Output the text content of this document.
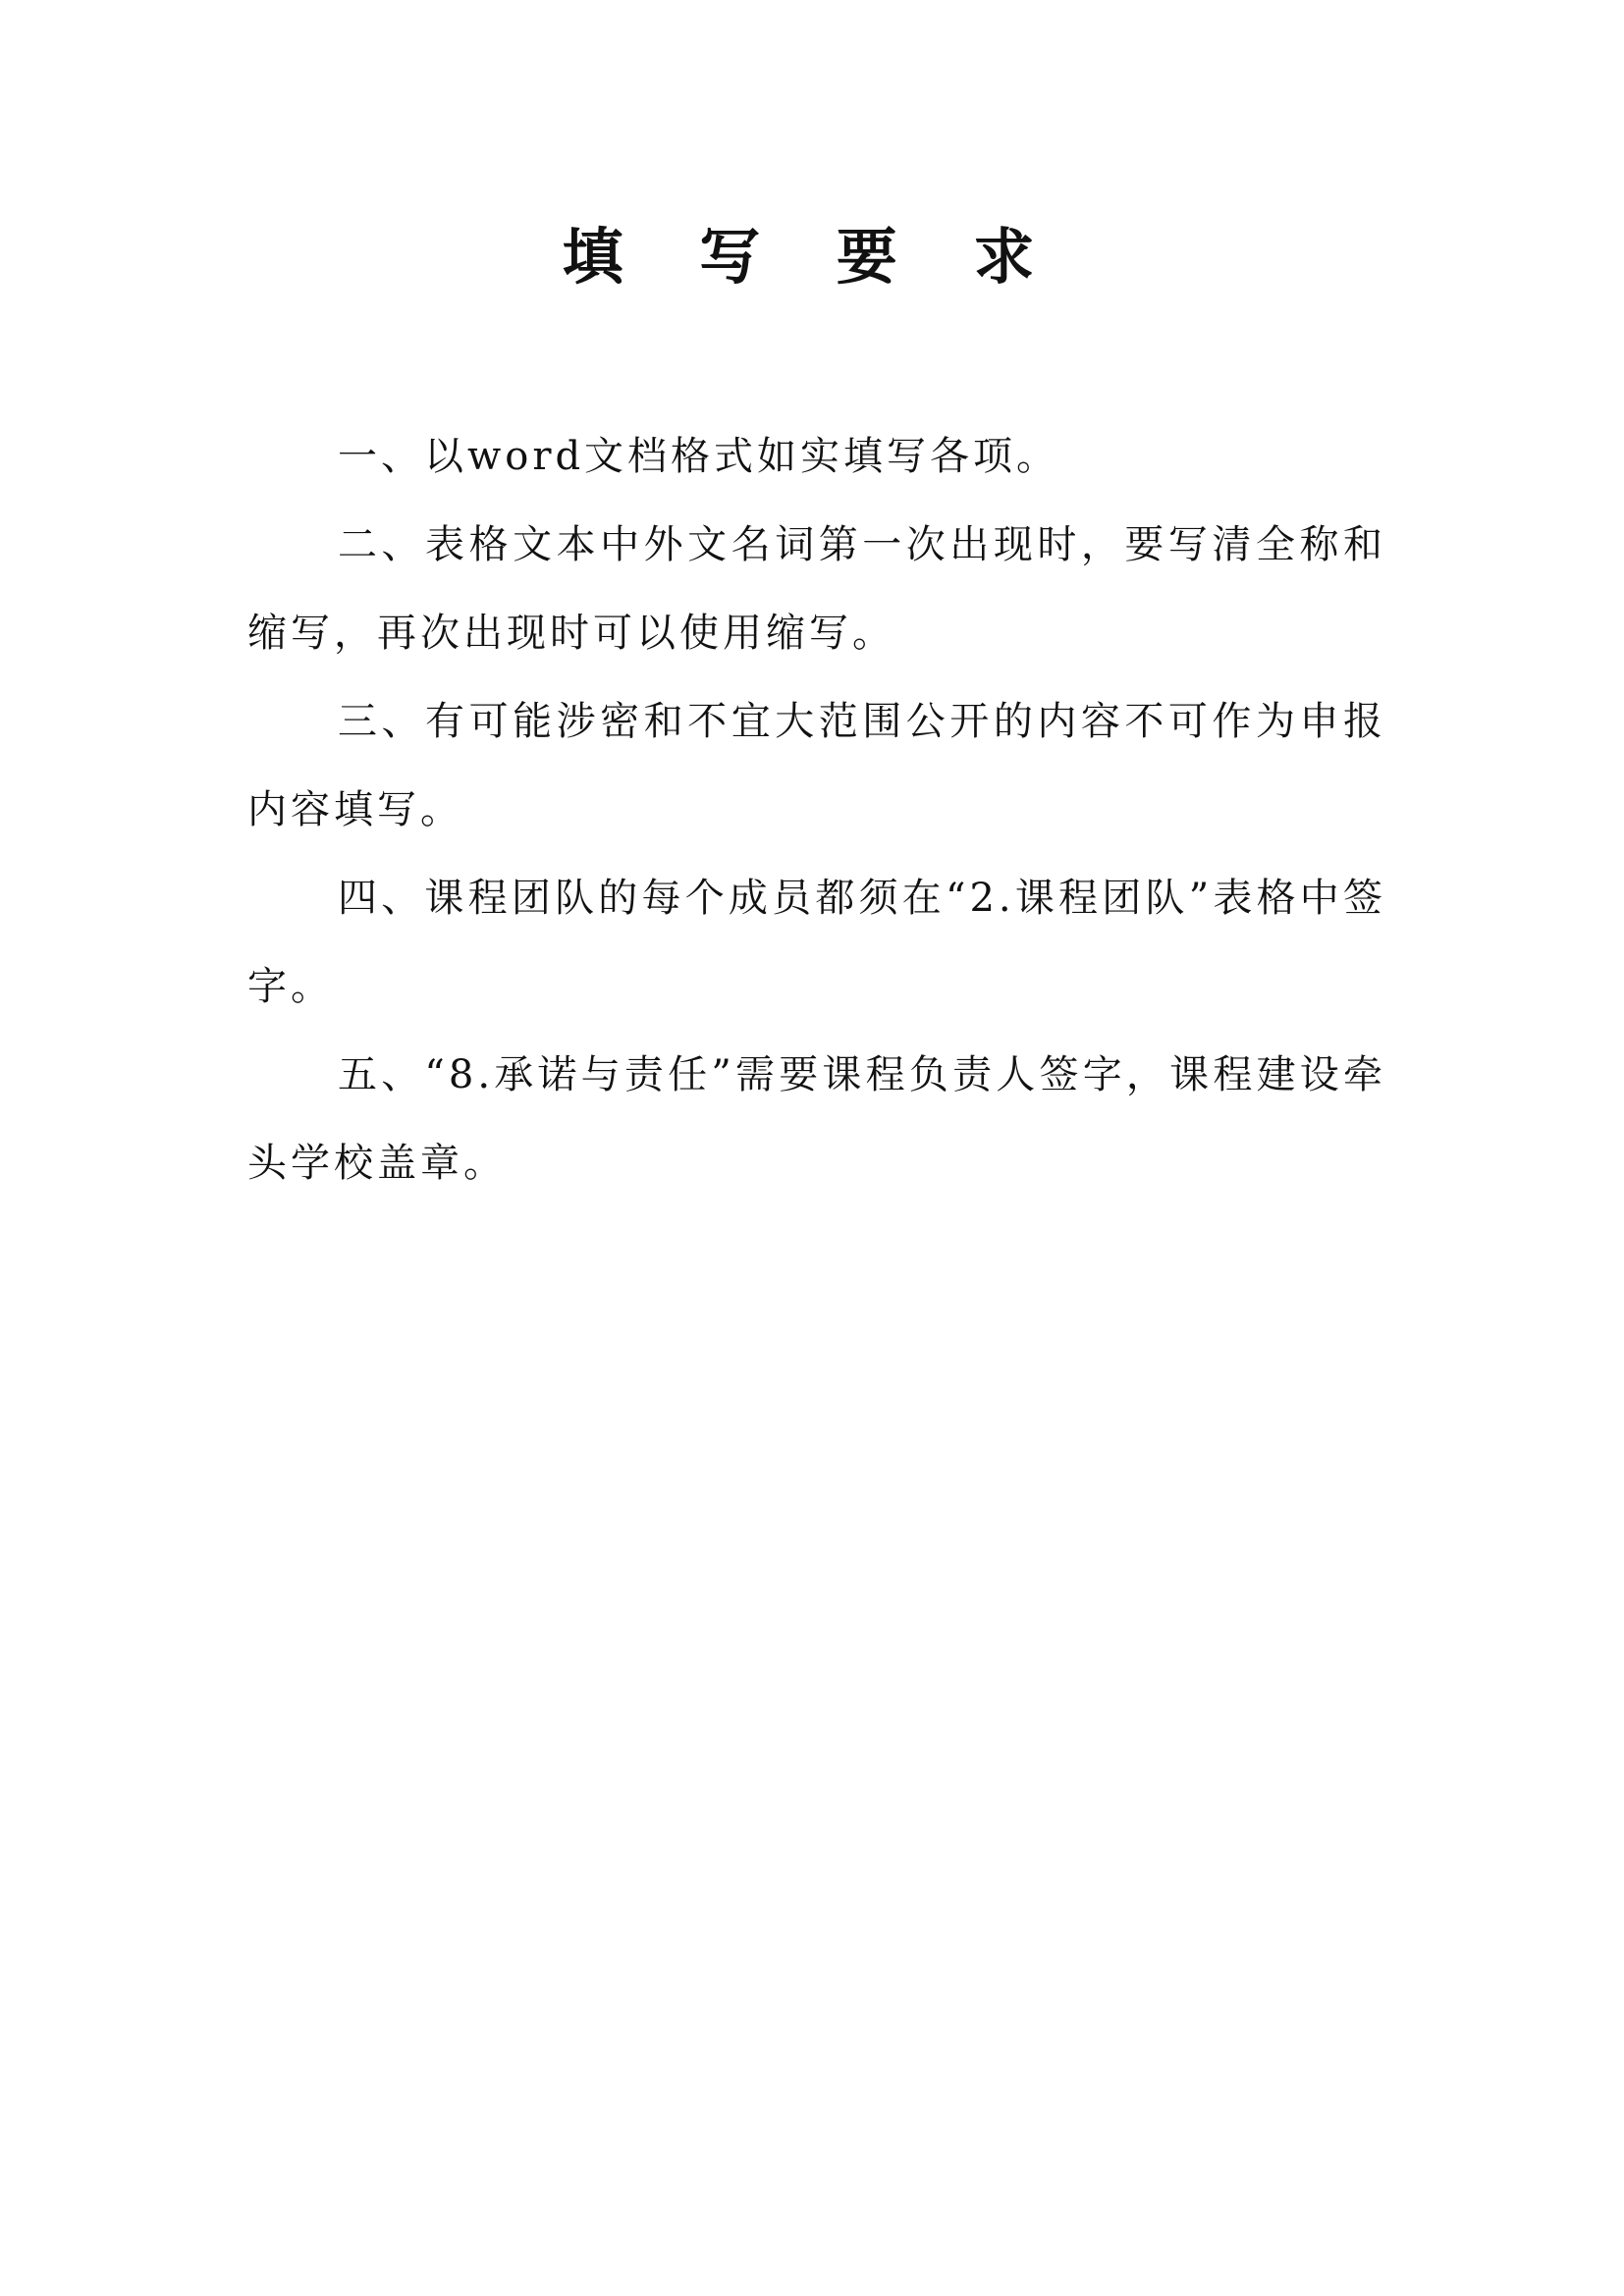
填 写 要 求

一、以word文档格式如实填写各项。

二、表格文本中外文名词第一次出现时，要写清全称和缩写，再次出现时可以使用缩写。

三、有可能涉密和不宜大范围公开的内容不可作为申报内容填写。

四、课程团队的每个成员都须在“2.课程团队”表格中签字。

五、“8.承诺与责任”需要课程负责人签字，课程建设牵头学校盖章。
